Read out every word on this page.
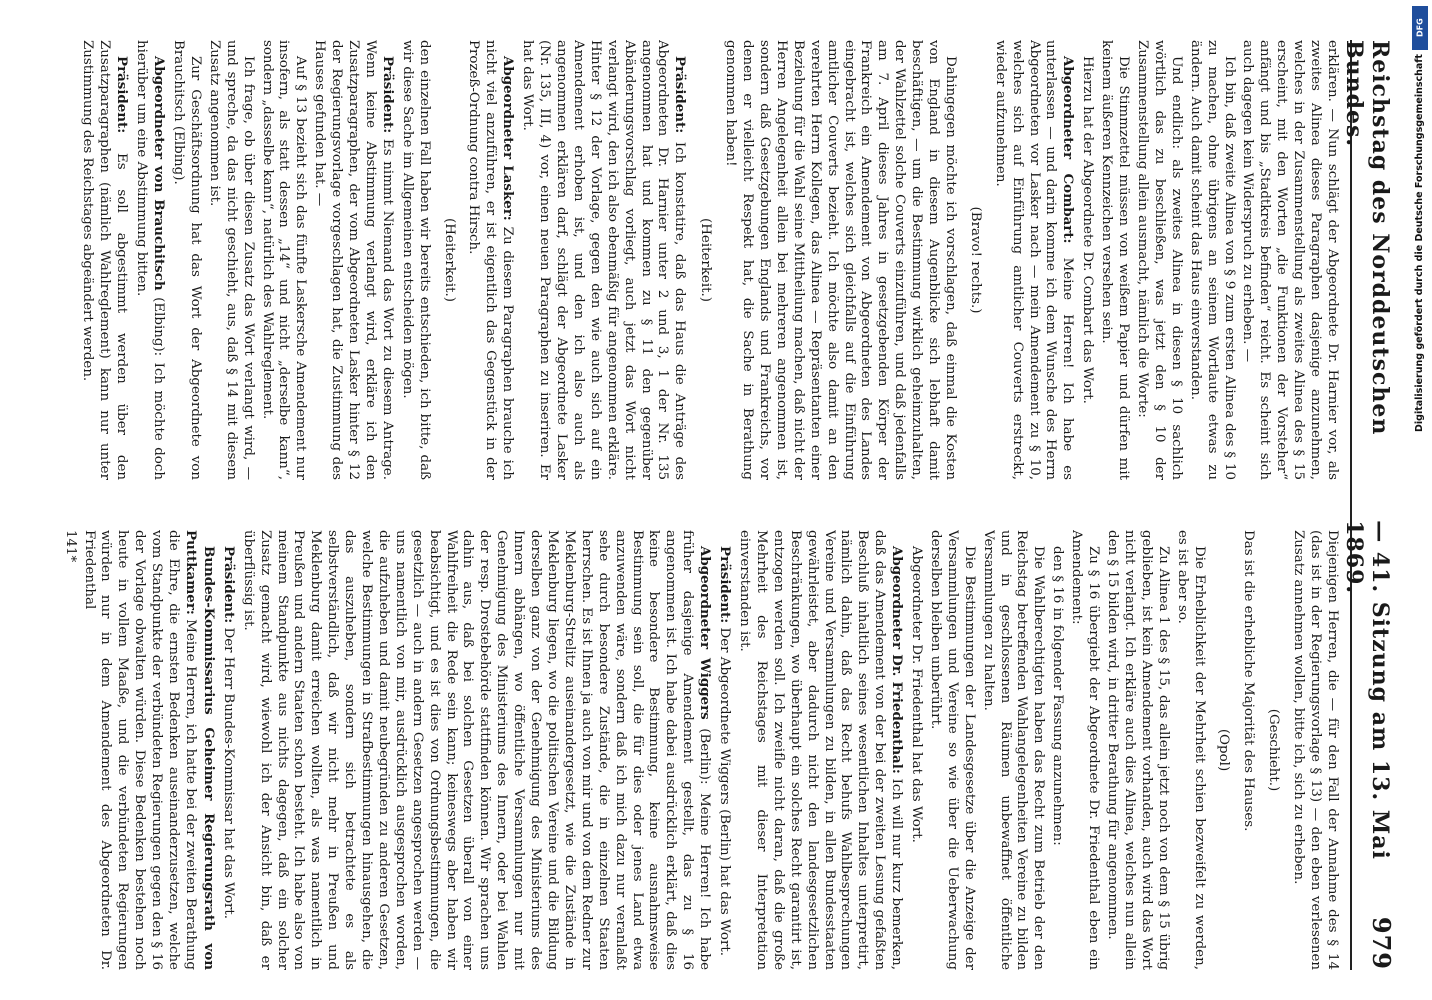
Reichstag des Norddeutschen Bundes.
— 41. Sitzung am 13. Mai 1869.
979

erklären. — Nun schlägt der Abgeordnete Dr. Harnier vor, als zweites Alinea dieses Paragraphen dasjenige anzunehmen, welches in der Zusammenstellung als zweites Alinea des § 15 erscheint, mit den Worten „die Funktionen der Vorsteher“ anfängt und bis „Stadtkreis befinden“ reicht. Es scheint sich auch dagegen kein Widerspruch zu erheben. —

Ich bin, daß zweite Alinea von § 9 zum ersten Alinea des § 10 zu machen, ohne übrigens an seinem Wortlaute etwas zu ändern. Auch damit scheint das Haus einverstanden.

Und endlich: als zweites Alinea in diesen § 10 sachlich wörtlich das zu beschließen, was jetzt den § 10 der Zusammenstellung allein ausmacht, nämlich die Worte:

Die Stimmzettel müssen von weißem Papier und dürfen mit keinem äußeren Kennzeichen versehen sein.

Hierzu hat der Abgeordnete Dr. Combart das Wort.

Abgeordneter Combart: Meine Herren! Ich habe es unterlassen — und darin komme ich dem Wunsche des Herrn Abgeordneten vor Lasker nach — mein Amendement zu § 10, welches sich auf Einführung amtlicher Couverts erstreckt, wieder aufzunehmen.

(Bravo! rechts.)

Dahingegen möchte ich vorschlagen, daß einmal die Kosten von England in diesem Augenblicke sich lebhaft damit beschäftigen, — um die Bestimmung wirklich geheimzuhalten, der Wahlzettel solche Couverts einzuführen, und daß jedenfalls am 7. April dieses Jahres in gesetzgebenden Körper der Frankreich ein Amendement von Abgeordneten des Landes eingebracht ist, welches sich gleichfalls auf die Einführung amtlicher Couverts bezieht. Ich möchte also damit an den verehrten Herrn Kollegen, das Alinea — Repräsentanten einer Beziehung für die Wahl seine Mittheilung machen, daß nicht der Herren Angelegenheit allein bei mehreren angenommen ist, sondern daß Gesetzgebungen Englands und Frankreichs, vor denen er vielleicht Respekt hat, die Sache in Berathung genommen haben!

(Heiterkeit.)

Präsident: Ich konstatire, daß das Haus die Anträge des Abgeordneten Dr. Harnier unter 2 und 3, 1 der Nr. 135 angenommen hat und kommen zu § 11 den gegenüber Abänderungsvorschlag vorliegt, auch jetzt das Wort nicht verlangt wird, den ich also ebenmäßig für angenommen erkläre. Hinter § 12 der Vorlage, gegen den wie auch sich auf ein Amendement erhoben ist, und den ich also auch als angenommen erklären darf, schlägt der Abgeordnete Lasker (Nr. 135, III, 4) vor, einen neuen Paragraphen zu inseriren. Er hat das Wort.

Abgeordneter Lasker: Zu diesem Paragraphen brauche ich nicht viel anzuführen, er ist eigentlich das Gegenstück in der Prozeß-Ordnung contra Hirsch.

(Heiterkeit.)

den einzelnen Fall haben wir bereits entschieden, ich bitte, daß wir diese Sache im Allgemeinen entscheiden mögen.

Präsident: Es nimmt Niemand das Wort zu diesem Antrage. Wenn keine Abstimmung verlangt wird, erkläre ich den Zusatzparagraphen, der vom Abgeordneten Lasker hinter § 12 der Regierungsvorlage vorgeschlagen hat, die Zustimmung des Hauses gefunden hat. —

Auf § 13 bezieht sich das fünfte Laskersche Amendement nur insofern, als statt dessen „14“ und nicht „derselbe kann“, sondern „dasselbe kann“, natürlich des Wahlreglement.

Ich frage, ob über diesen Zusatz das Wort verlangt wird, — und spreche, da das nicht geschieht, aus, daß § 14 mit diesem Zusatz angenommen ist.

Zur Geschäftsordnung hat das Wort der Abgeordnete von Brauchitsch (Elbing).

Abgeordneter von Brauchitsch (Elbing): Ich möchte doch hierüber um eine Abstimmung bitten.

Präsident: Es soll abgestimmt werden über den Zusatzparagraphen (nämlich Wahlreglement) kann nur unter Zustimmung des Reichstages abgeändert werden.

Diejenigen Herren, die — für den Fall der Annahme des § 14 (das ist in der Regierungsvorlage § 13) — den eben verlesenen Zusatz annehmen wollen, bitte ich, sich zu erheben.

(Geschieht.)

Das ist die erhebliche Majorität des Hauses.

(Opol)

Die Erheblichkeit der Mehrheit schien bezweifelt zu werden, es ist aber so.

Zu Alinea 1 des § 15, das allein jetzt noch von dem § 15 übrig geblieben, ist kein Amendement vorhanden, auch wird das Wort nicht verlangt. Ich erkläre auch dies Alinea, welches nun allein den § 15 bilden wird, in dritter Berathung für angenommen.

Zu § 16 übergiebt der Abgeordnete Dr. Friedenthal eben ein Amendement:

den § 16 in folgender Fassung anzunehmen:

Die Wahlberechtigten haben das Recht zum Betrieb der den Reichstag betreffenden Wahlangelegenheiten Vereine zu bilden und in geschlossenen Räumen unbewaffnet öffentliche Versammlungen zu halten.

Die Bestimmungen der Landesgesetze über die Anzeige der Versammlungen und Vereine so wie über die Ueberwachung derselben bleiben unberührt.

Abgeordneter Dr. Friedenthal hat das Wort.

Abgeordneter Dr. Friedenthal: Ich will nur kurz bemerken, daß das Amendement von der bei der zweiten Lesung gefaßten Beschluß inhaltlich seines wesentlichen Inhaltes unterpretirt, nämlich dahin, daß das Recht behufs Wahlbesprechungen Vereine und Versammlungen zu bilden, in allen Bundesstaaten gewährleistet, aber dadurch nicht den landesgesetzlichen Beschränkungen, wo überhaupt ein solches Recht garantirt ist, entzogen werden soll. Ich zweifle nicht daran, daß die große Mehrheit des Reichstages mit dieser Interpretation einverstanden ist.

Präsident: Der Abgeordnete Wiggers (Berlin) hat das Wort.

Abgeordneter Wiggers (Berlin): Meine Herren! Ich habe früher dasjenige Amendement gestellt, das zu § 16 angenommen ist. Ich habe dabei ausdrücklich erklärt, daß dies keine besondere Bestimmung, keine ausnahmsweise Bestimmung sein soll, die für dies oder jenes Land etwa anzuwenden wäre, sondern daß ich mich dazu nur veranlaßt sehe durch besondere Zustände, die in einzelnen Staaten herrschen. Es ist Ihnen ja auch von mir und von dem Redner zur Meklenburg-Strelitz auseinandergesetzt, wie die Zustände in Meklenburg liegen, wo die politischen Vereine und die Bildung derselben ganz von der Genehmigung des Ministeriums des Innern abhängen, wo öffentliche Versammlungen nur mit Genehmigung des Ministeriums des Innern, oder bei Wahlen der resp. Drostebehörde stattfinden können. Wir sprachen uns dahin aus, daß bei solchen Gesetzen überall von einer Wahlfreiheit die Rede sein kann; keineswegs aber haben wir beabsichtigt, und es ist dies von Ordnungsbestimmungen, die gesetzlich — auch in andern Gesetzen angesprochen werden — uns namentlich von mir, ausdrücklich ausgesprochen worden, die aufzuheben und damit neubegründen zu anderen Gesetzen, welche Bestimmungen in Strafbestimmungen hinausgehen, die das auszuheben, sondern sich betrachtete es als selbstverständlich, daß wir nicht mehr in Preußen und Meklenburg damit erreichen wollten, als was namentlich in Preußen und andern Staaten schon besteht. Ich habe also von meinem Standpunkte aus nichts dagegen, daß ein solcher Zusatz gemacht wird, wiewohl ich der Ansicht bin, daß er überflüssig ist.

Präsident: Der Herr Bundes-Kommissar hat das Wort.

Bundes-Kommissarius Geheimer Regierungsrath von Puttkamer: Meine Herren, ich hatte bei der zweiten Berathung die Ehre, die ernsten Bedenken auseinanderzusetzen, welche vom Standpunkte der verbündeten Regierungen gegen den § 16 der Vorlage obwalten würden. Diese Bedenken bestehen noch heute in vollem Maaße, und die verbündeten Regierungen würden nur in dem Amendement des Abgeordneten Dr. Friedenthal

141*

DFG
Digitalisierung gefördert durch die Deutsche Forschungsgemeinschaft
